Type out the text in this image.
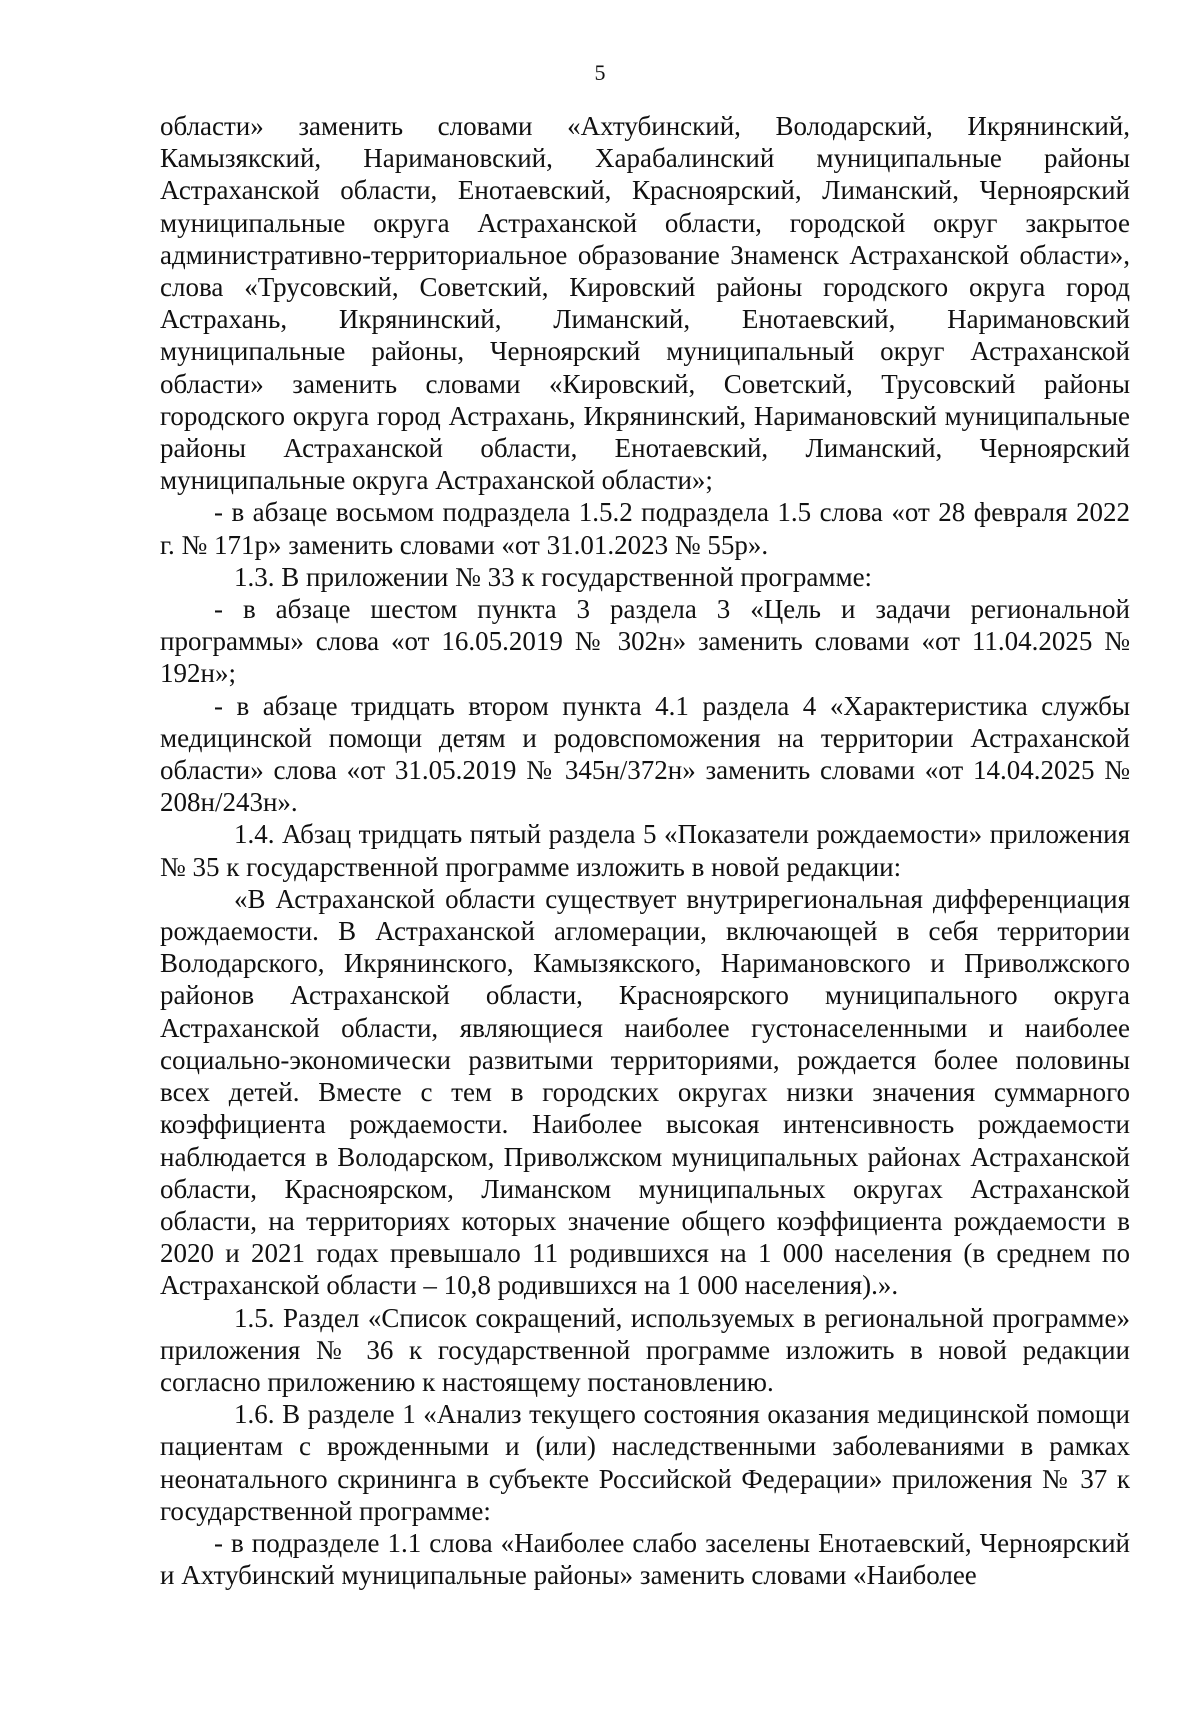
5

области» заменить словами «Ахтубинский, Володарский, Икрянинский, Камызякский, Наримановский, Харабалинский муниципальные районы Астраханской области, Енотаевский, Красноярский, Лиманский, Черноярский муниципальные округа Астраханской области, городской округ закрытое административно-территориальное образование Знаменск Астраханской области», слова «Трусовский, Советский, Кировский районы городского округа город Астрахань, Икрянинский, Лиманский, Енотаевский, Наримановский муниципальные районы, Черноярский муниципальный округ Астраханской области» заменить словами «Кировский, Советский, Трусовский районы городского округа город Астрахань, Икрянинский, Наримановский муниципальные районы Астраханской области, Енотаевский, Лиманский, Черноярский муниципальные округа Астраханской области»;

- в абзаце восьмом подраздела 1.5.2 подраздела 1.5 слова «от 28 февраля 2022 г. № 171р» заменить словами «от 31.01.2023 № 55р».

1.3. В приложении № 33 к государственной программе:

- в абзаце шестом пункта 3 раздела 3 «Цель и задачи региональной программы» слова «от 16.05.2019 № 302н» заменить словами «от 11.04.2025 № 192н»;

- в абзаце тридцать втором пункта 4.1 раздела 4 «Характеристика службы медицинской помощи детям и родовспоможения на территории Астраханской области» слова «от 31.05.2019 № 345н/372н» заменить словами «от 14.04.2025 № 208н/243н».

1.4. Абзац тридцать пятый раздела 5 «Показатели рождаемости» приложения № 35 к государственной программе изложить в новой редакции:

«В Астраханской области существует внутрирегиональная дифференциация рождаемости. В Астраханской агломерации, включающей в себя территории Володарского, Икрянинского, Камызякского, Наримановского и Приволжского районов Астраханской области, Красноярского муниципального округа Астраханской области, являющиеся наиболее густонаселенными и наиболее социально-экономически развитыми территориями, рождается более половины всех детей. Вместе с тем в городских округах низки значения суммарного коэффициента рождаемости. Наиболее высокая интенсивность рождаемости наблюдается в Володарском, Приволжском муниципальных районах Астраханской области, Красноярском, Лиманском муниципальных округах Астраханской области, на территориях которых значение общего коэффициента рождаемости в 2020 и 2021 годах превышало 11 родившихся на 1 000 населения (в среднем по Астраханской области – 10,8 родившихся на 1 000 населения).».

1.5. Раздел «Список сокращений, используемых в региональной программе» приложения № 36 к государственной программе изложить в новой редакции согласно приложению к настоящему постановлению.

1.6. В разделе 1 «Анализ текущего состояния оказания медицинской помощи пациентам с врожденными и (или) наследственными заболеваниями в рамках неонатального скрининга в субъекте Российской Федерации» приложения № 37 к государственной программе:

- в подразделе 1.1 слова «Наиболее слабо заселены Енотаевский, Черноярский и Ахтубинский муниципальные районы» заменить словами «Наиболее
